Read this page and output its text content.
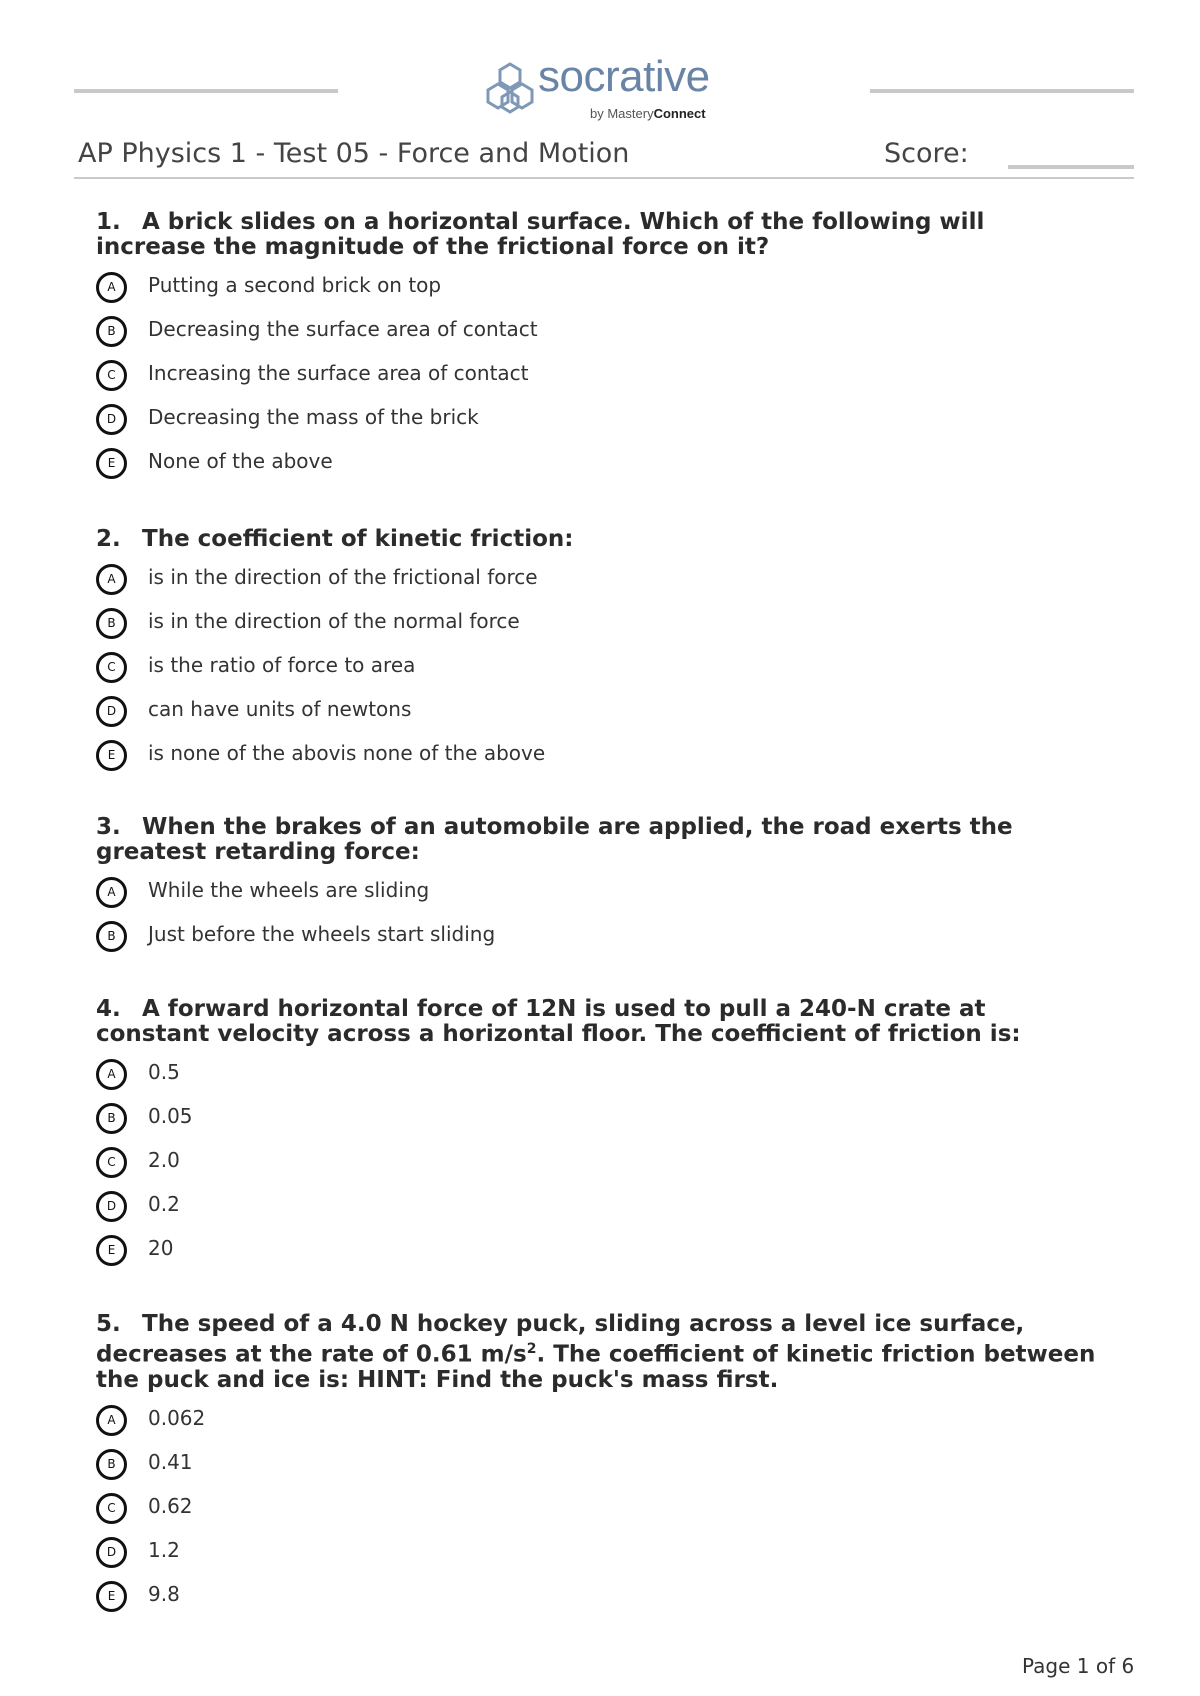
socrative
by MasteryConnect
AP Physics 1 - Test 05 - Force and Motion	Score:

1. A brick slides on a horizontal surface. Which of the following will increase the magnitude of the frictional force on it?

A	Putting a second brick on top
B	Decreasing the surface area of contact
C	Increasing the surface area of contact
D	Decreasing the mass of the brick
E	None of the above

2. The coefficient of kinetic friction:

A	is in the direction of the frictional force
B	is in the direction of the normal force
C	is the ratio of force to area
D	can have units of newtons
E	is none of the abovis none of the above

3. When the brakes of an automobile are applied, the road exerts the greatest retarding force:

A	While the wheels are sliding
B	Just before the wheels start sliding

4. A forward horizontal force of 12N is used to pull a 240-N crate at constant velocity across a horizontal floor. The coefficient of friction is:

A	0.5
B	0.05
C	2.0
D	0.2
E	20

5. The speed of a 4.0 N hockey puck, sliding across a level ice surface, decreases at the rate of 0.61 $m/s^2$. The coefficient of kinetic friction between the puck and ice is: HINT: Find the puck's mass first.

A	0.062
B	0.41
C	0.62
D	1.2
E	9.8
Page 1 of 6
